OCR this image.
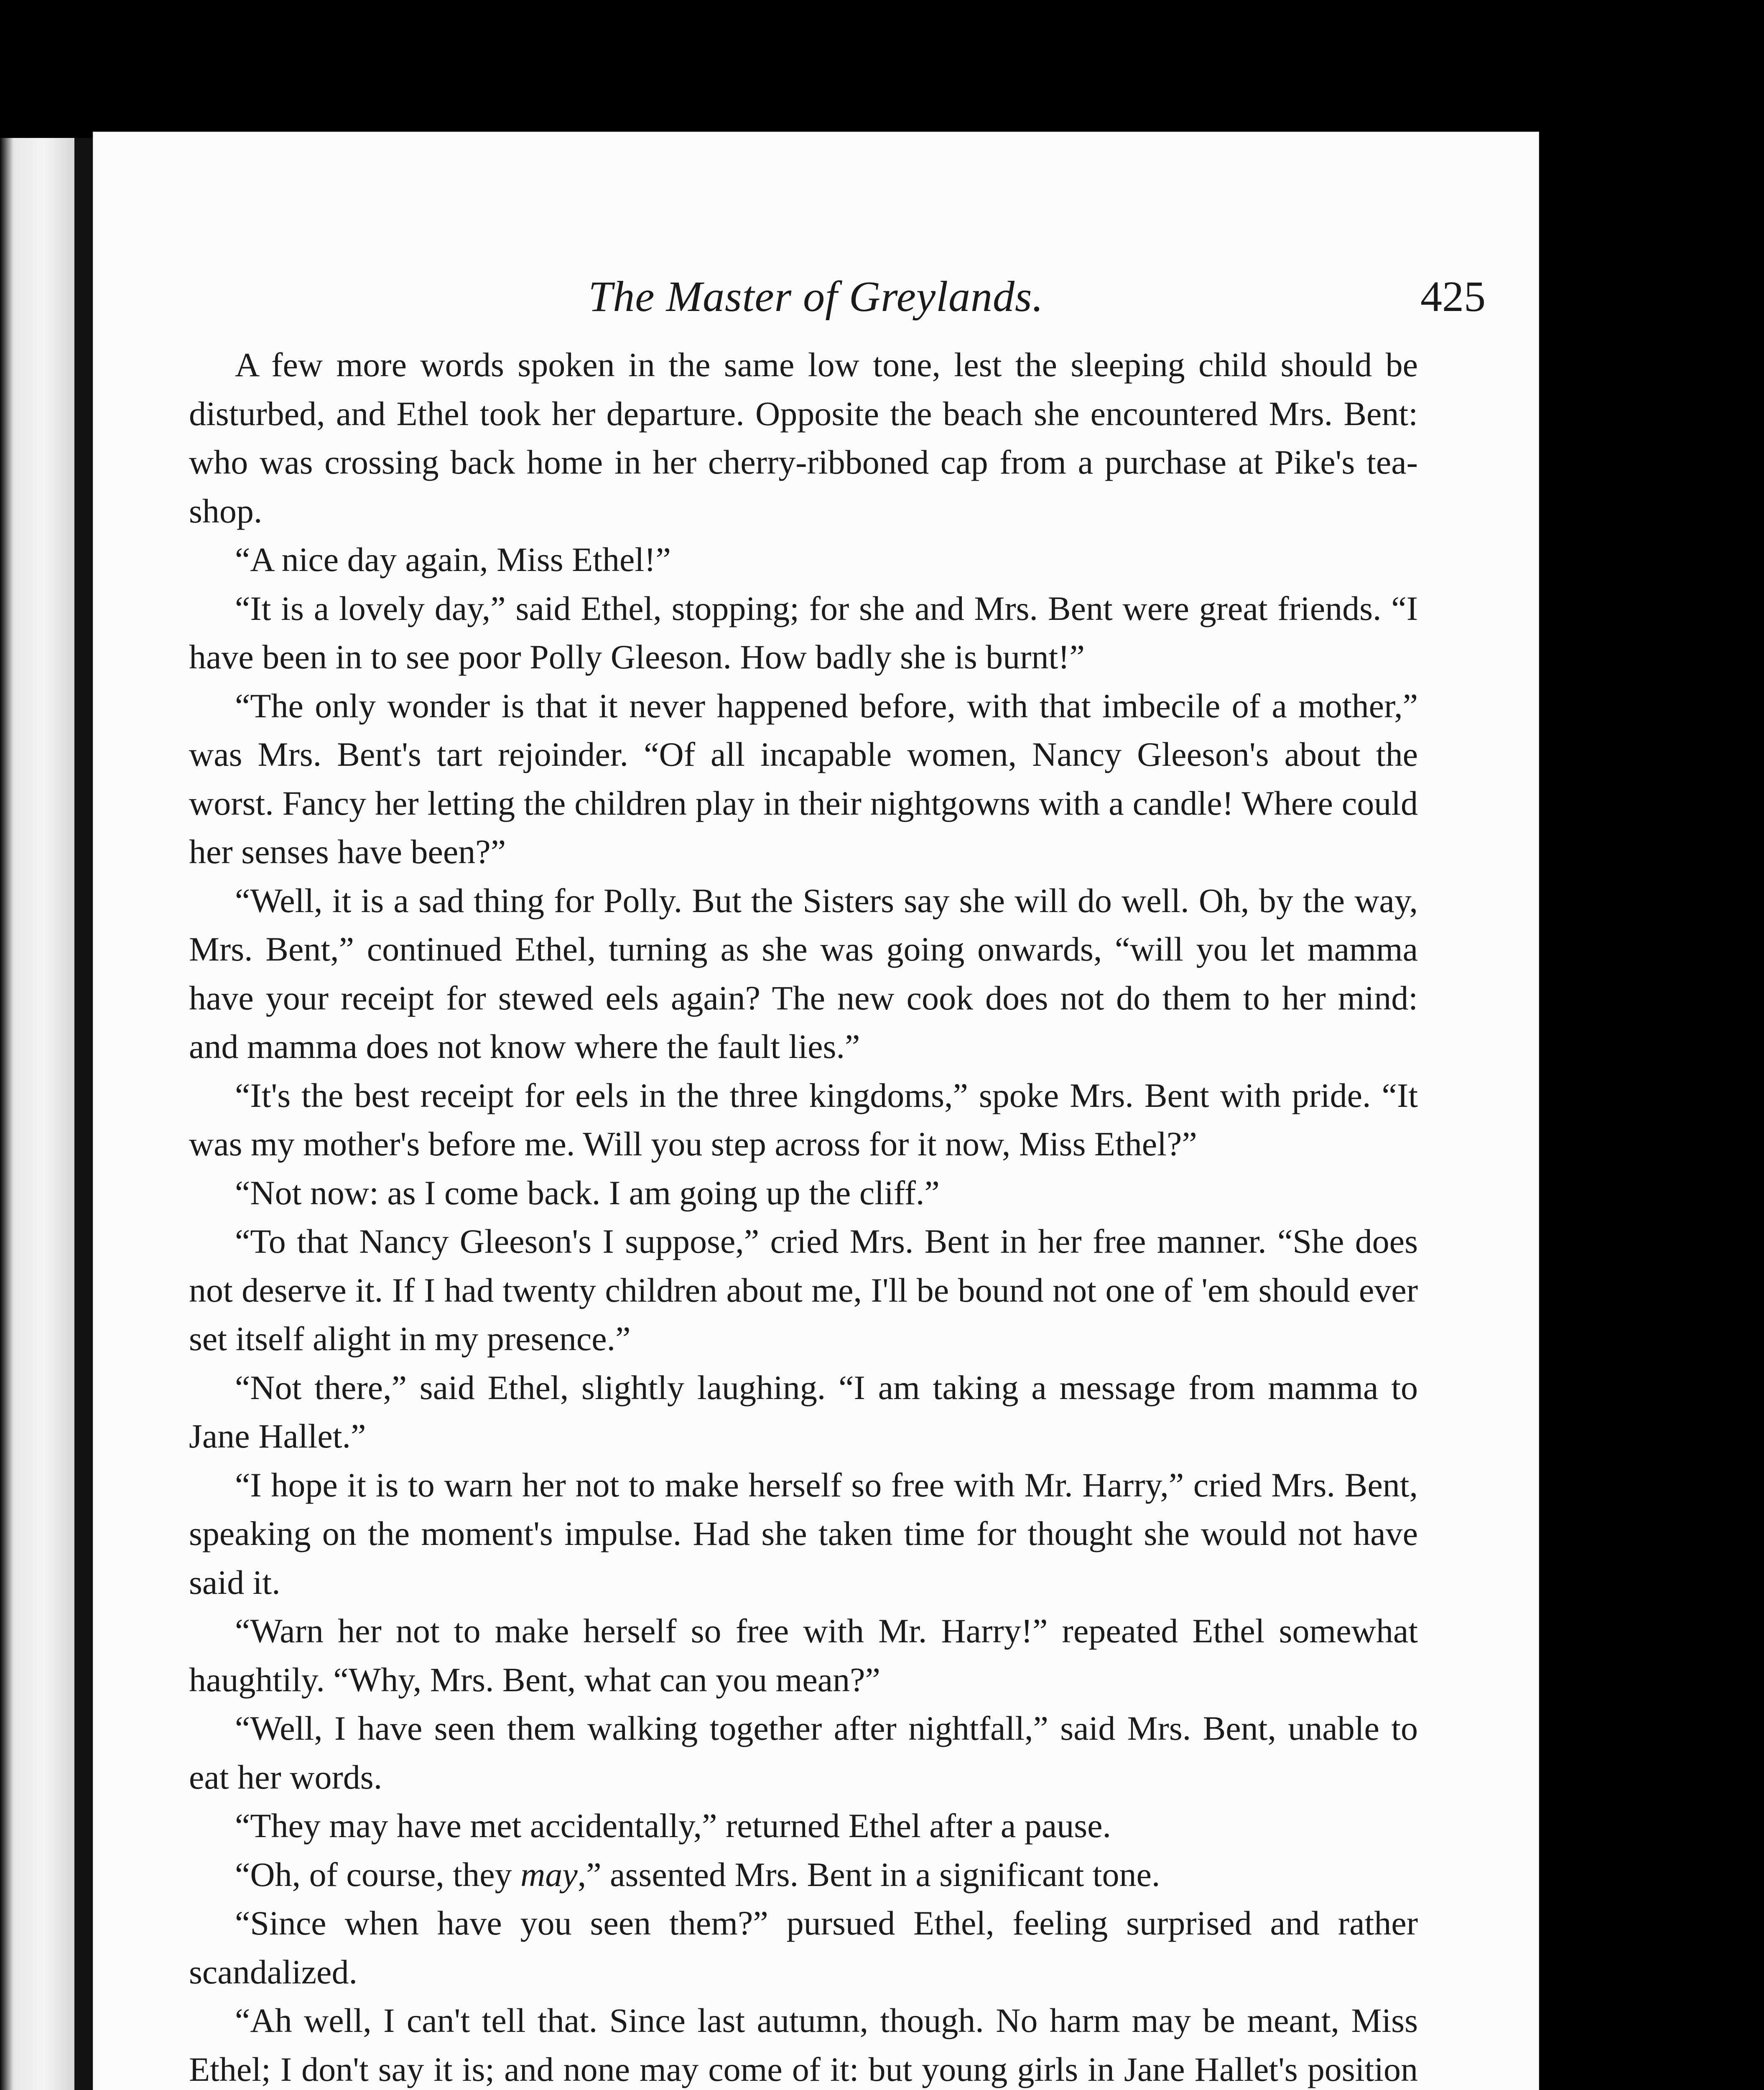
The Master of Greylands.	425

A few more words spoken in the same low tone, lest the sleeping child should be disturbed, and Ethel took her departure. Opposite the beach she encountered Mrs. Bent: who was crossing back home in her cherry-ribboned cap from a purchase at Pike's tea-shop.

“A nice day again, Miss Ethel!”

“It is a lovely day,” said Ethel, stopping; for she and Mrs. Bent were great friends. “I have been in to see poor Polly Gleeson. How badly she is burnt!”

“The only wonder is that it never happened before, with that imbecile of a mother,” was Mrs. Bent's tart rejoinder. “Of all incapable women, Nancy Gleeson's about the worst. Fancy her letting the children play in their nightgowns with a candle! Where could her senses have been?”

“Well, it is a sad thing for Polly. But the Sisters say she will do well. Oh, by the way, Mrs. Bent,” continued Ethel, turning as she was going onwards, “will you let mamma have your receipt for stewed eels again? The new cook does not do them to her mind: and mamma does not know where the fault lies.”

“It's the best receipt for eels in the three kingdoms,” spoke Mrs. Bent with pride. “It was my mother's before me. Will you step across for it now, Miss Ethel?”

“Not now: as I come back. I am going up the cliff.”

“To that Nancy Gleeson's I suppose,” cried Mrs. Bent in her free manner. “She does not deserve it. If I had twenty children about me, I'll be bound not one of 'em should ever set itself alight in my presence.”

“Not there,” said Ethel, slightly laughing. “I am taking a message from mamma to Jane Hallet.”

“I hope it is to warn her not to make herself so free with Mr. Harry,” cried Mrs. Bent, speaking on the moment's impulse. Had she taken time for thought she would not have said it.

“Warn her not to make herself so free with Mr. Harry!” repeated Ethel somewhat haughtily. “Why, Mrs. Bent, what can you mean?”

“Well, I have seen them walking together after nightfall,” said Mrs. Bent, unable to eat her words.

“They may have met accidentally,” returned Ethel after a pause.

“Oh, of course, they may,” assented Mrs. Bent in a significant tone.

“Since when have you seen them?” pursued Ethel, feeling surprised and rather scandalized.

“Ah well, I can't tell that. Since last autumn, though. No harm may be meant, Miss Ethel; I don't say it is; and none may come of it: but young girls in Jane Hallet's position
